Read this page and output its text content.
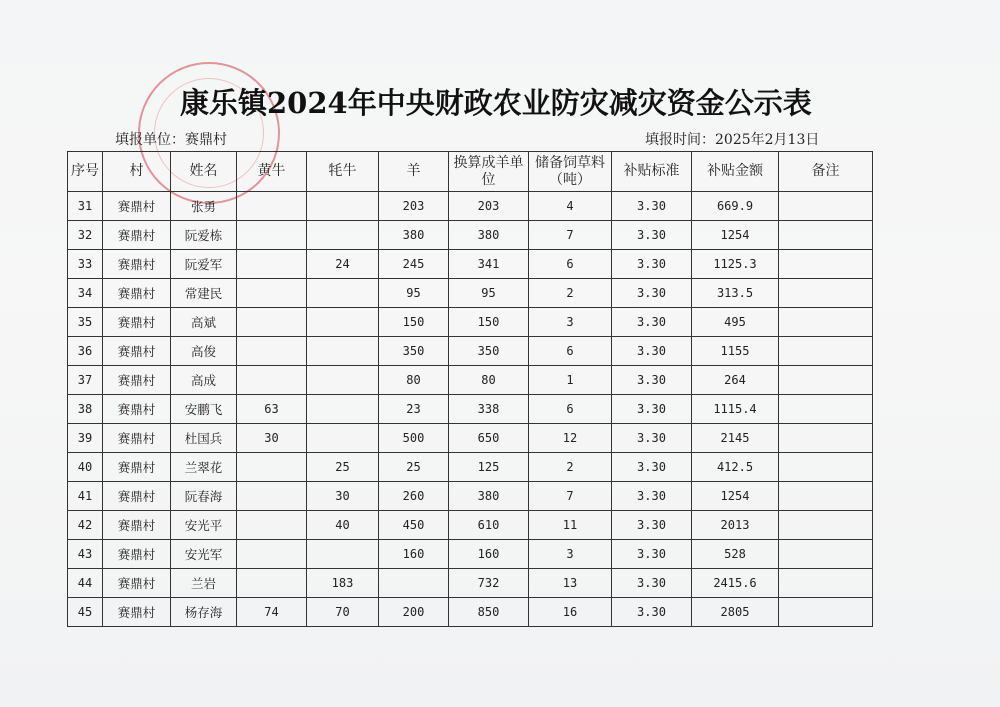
康乐镇2024年中央财政农业防灾减灾资金公示表
填报单位：赛鼎村	填报时间：2025年2月13日
序号	村	姓名	黄牛	牦牛	羊	换算成羊单位	储备饲草料（吨）	补贴标准	补贴金额	备注
31	赛鼎村	张勇			203	203	4	3.30	669.9	
32	赛鼎村	阮爱栋			380	380	7	3.30	1254	
33	赛鼎村	阮爱军		24	245	341	6	3.30	1125.3	
34	赛鼎村	常建民			95	95	2	3.30	313.5	
35	赛鼎村	高斌			150	150	3	3.30	495	
36	赛鼎村	高俊			350	350	6	3.30	1155	
37	赛鼎村	高成			80	80	1	3.30	264	
38	赛鼎村	安鹏飞	63		23	338	6	3.30	1115.4	
39	赛鼎村	杜国兵	30		500	650	12	3.30	2145	
40	赛鼎村	兰翠花		25	25	125	2	3.30	412.5	
41	赛鼎村	阮春海		30	260	380	7	3.30	1254	
42	赛鼎村	安光平		40	450	610	11	3.30	2013	
43	赛鼎村	安光军			160	160	3	3.30	528	
44	赛鼎村	兰岩		183		732	13	3.30	2415.6	
45	赛鼎村	杨存海	74	70	200	850	16	3.30	2805	
